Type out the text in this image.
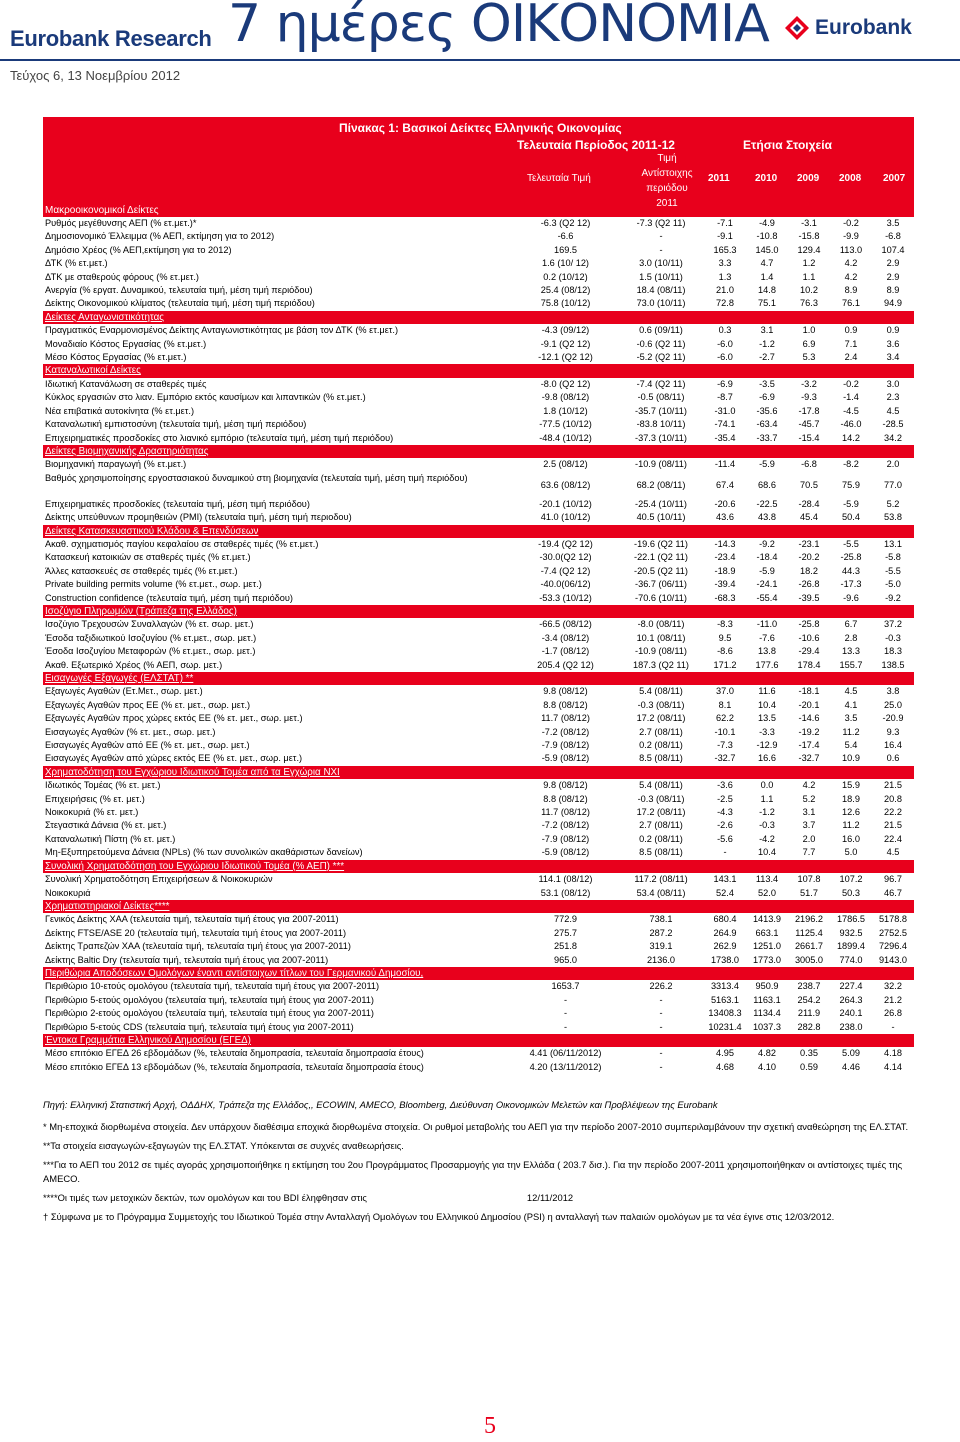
Eurobank Research 7 ημέρες ΟΙΚΟΝΟΜΙΑ
Τεύχος 6, 13 Νοεμβρίου 2012
Eurobank
Πίνακας 1: Βασικοί Δείκτες Ελληνικής Οικονομίας
Τελευταία Περίοδος 2011-12	Ετήσια Στοιχεία
Τελευταία Τιμή
Τιμή Αντίστοιχης περιόδου 2011
2011	2010 2009 2008 2007
Μακροοικονομικοί Δείκτες
Ρυθμός μεγέθυνσης ΑΕΠ (% ετ.μετ.)*	-6.3 (Q2 12)	-7.3 (Q2 11)	-7.1	-4.9	-3.1	-0.2	3.5
Δημοσιονομικό Έλλειμμα (% ΑΕΠ, εκτίμηση για το 2012)	-6.6	-	-9.1	-10.8	-15.8	-9.9	-6.8
Δημόσιο Χρέος (% ΑΕΠ,εκτίμηση για το 2012)	169.5	-	165.3	145.0	129.4	113.0	107.4
ΔΤΚ (% ετ.μετ.)	1.6 (10/ 12)	3.0 (10/11)	3.3	4.7	1.2	4.2	2.9
ΔΤΚ με σταθερούς φόρους (% ετ.μετ.)	0.2 (10/12)	1.5 (10/11)	1.3	1.4	1.1	4.2	2.9
Ανεργία (% εργατ. Δυναμικού, τελευταία τιμή, μέση τιμή περιόδου)	25.4 (08/12)	18.4 (08/11)	21.0	14.8	10.2	8.9	8.9
Δείκτης Οικονομικού κλίματος (τελευταία τιμή, μέση τιμή περιόδου)	75.8 (10/12)	73.0 (10/11)	72.8	75.1	76.3	76.1	94.9
Δείκτες Ανταγωνιστικότητας							
Πραγματικός Εναρμονισμένος Δείκτης Ανταγωνιστικότητας με βάση τον ΔΤΚ (% ετ.μετ.)	-4.3 (09/12)	0.6 (09/11)	0.3	3.1	1.0	0.9	0.9
Μοναδιαίο Κόστος Εργασίας (% ετ.μετ.)	-9.1 (Q2 12)	-0.6 (Q2 11)	-6.0	-1.2	6.9	7.1	3.6
Μέσο Κόστος Εργασίας (% ετ.μετ.)	-12.1 (Q2 12)	-5.2 (Q2 11)	-6.0	-2.7	5.3	2.4	3.4
Καταναλωτικοί Δείκτες							
Ιδιωτική Κατανάλωση σε σταθερές τιμές	-8.0 (Q2 12)	-7.4 (Q2 11)	-6.9	-3.5	-3.2	-0.2	3.0
Κύκλος εργασιών στο λιαν. Εμπόριο εκτός καυσίμων και λιπαντικών (% ετ.μετ.)	-9.8 (08/12)	-0.5 (08/11)	-8.7	-6.9	-9.3	-1.4	2.3
Νέα επιβατικά αυτοκίνητα (% ετ.μετ.)	1.8 (10/12)	-35.7 (10/11)	-31.0	-35.6	-17.8	-4.5	4.5
Καταναλωτική εμπιστοσύνη (τελευταία τιμή, μέση τιμή περιόδου)	-77.5 (10/12)	-83.8 10/11)	-74.1	-63.4	-45.7	-46.0	-28.5
Επιχειρηματικές προσδοκίες στο λιανικό εμπόριο (τελευταία τιμή, μέση τιμή περιόδου)	-48.4 (10/12)	-37.3 (10/11)	-35.4	-33.7	-15.4	14.2	34.2
Δείκτες Βιομηχανικής Δραστηριότητας							
Βιομηχανική παραγωγή (% ετ.μετ.)	2.5 (08/12)	-10.9 (08/11)	-11.4	-5.9	-6.8	-8.2	2.0
Βαθμός χρησιμοποίησης εργοστασιακού δυναμικού στη βιομηχανία (τελευταία τιμή, μέση τιμή περιόδου)	63.6 (08/12)	68.2 (08/11)	67.4	68.6	70.5	75.9	77.0
Επιχειρηματικές προσδοκίες (τελευταία τιμή, μέση τιμή περιόδου)	-20.1 (10/12)	-25.4 (10/11)	-20.6	-22.5	-28.4	-5.9	5.2
Δείκτης υπεύθυνων προμηθειών (PMI) (τελευταία τιμή, μέση τιμή περιοδου)	41.0 (10/12)	40.5 (10/11)	43.6	43.8	45.4	50.4	53.8
Δείκτες Κατασκευαστικού Κλάδου & Επενδύσεων							
Ακαθ. σχηματισμός παγίου κεφαλαίου σε σταθερές τιμές (% ετ.μετ.)	-19.4 (Q2 12)	-19.6 (Q2 11)	-14.3	-9.2	-23.1	-5.5	13.1
Κατασκευή κατοικιών σε σταθερές τιμές (% ετ.μετ.)	-30.0(Q2 12)	-22.1 (Q2 11)	-23.4	-18.4	-20.2	-25.8	-5.8
Άλλες κατασκευές σε σταθερές τιμές (% ετ.μετ.)	-7.4 (Q2 12)	-20.5 (Q2 11)	-18.9	-5.9	18.2	44.3	-5.5
Private building permits volume (% ετ.μετ., σωρ. μετ.)	-40.0(06/12)	-36.7 (06/11)	-39.4	-24.1	-26.8	-17.3	-5.0
Construction confidence (τελευταία τιμή, μέση τιμή περιόδου)	-53.3 (10/12)	-70.6 (10/11)	-68.3	-55.4	-39.5	-9.6	-9.2
Ισοζύγιο Πληρωμών (Τράπεζα της Ελλάδος)							
Ισοζύγιο Τρεχουσών Συναλλαγών (% ετ. σωρ. μετ.)	-66.5 (08/12)	-8.0 (08/11)	-8.3	-11.0	-25.8	6.7	37.2
Έσοδα ταξιδιωτικού Ισοζυγίου (% ετ.μετ., σωρ. μετ.)	-3.4 (08/12)	10.1 (08/11)	9.5	-7.6	-10.6	2.8	-0.3
Έσοδα Ισοζυγίου Μεταφορών (% ετ.μετ., σωρ. μετ.)	-1.7 (08/12)	-10.9 (08/11)	-8.6	13.8	-29.4	13.3	18.3
Ακαθ. Εξωτερικό Χρέος (% ΑΕΠ, σωρ. μετ.)	205.4 (Q2 12)	187.3 (Q2 11)	171.2	177.6	178.4	155.7	138.5
Εισαγωγές Εξαγωγές (ΕΛΣΤΑΤ) **							
Εξαγωγές Αγαθών (Ετ.Μετ., σωρ. μετ.)	9.8 (08/12)	5.4 (08/11)	37.0	11.6	-18.1	4.5	3.8
Εξαγωγές Αγαθών προς ΕΕ (% ετ. μετ., σωρ. μετ.)	8.8 (08/12)	-0.3 (08/11)	8.1	10.4	-20.1	4.1	25.0
Εξαγωγές Αγαθών προς χώρες εκτός ΕΕ (% ετ. μετ., σωρ. μετ.)	11.7 (08/12)	17.2 (08/11)	62.2	13.5	-14.6	3.5	-20.9
Εισαγωγές Αγαθών (% ετ. μετ., σωρ. μετ.)	-7.2 (08/12)	2.7 (08/11)	-10.1	-3.3	-19.2	11.2	9.3
Εισαγωγές Αγαθών από ΕΕ (% ετ. μετ., σωρ. μετ.)	-7.9 (08/12)	0.2 (08/11)	-7.3	-12.9	-17.4	5.4	16.4
Εισαγωγές Αγαθών από χώρες εκτός ΕΕ (% ετ. μετ., σωρ. μετ.)	-5.9 (08/12)	8.5 (08/11)	-32.7	16.6	-32.7	10.9	0.6
Χρηματοδότηση του Εγχώριου Ιδιωτικού Τομέα από τα Εγχώρια ΝΧΙ							
Ιδιωτικός Τομέας (% ετ. μετ.)	9.8 (08/12)	5.4 (08/11)	-3.6	0.0	4.2	15.9	21.5
Επιχειρήσεις (% ετ. μετ.)	8.8 (08/12)	-0.3 (08/11)	-2.5	1.1	5.2	18.9	20.8
Νοικοκυριά (% ετ. μετ.)	11.7 (08/12)	17.2 (08/11)	-4.3	-1.2	3.1	12.6	22.2
Στεγαστικά Δάνεια (% ετ. μετ.)	-7.2 (08/12)	2.7 (08/11)	-2.6	-0.3	3.7	11.2	21.5
Καταναλωτική Πίστη (% ετ. μετ.)	-7.9 (08/12)	0.2 (08/11)	-5.6	-4.2	2.0	16.0	22.4
Μη-Εξυπηρετούμενα Δάνεια (NPLs) (% των συνολικών ακαθάριστων δανείων)	-5.9 (08/12)	8.5 (08/11)	-	10.4	7.7	5.0	4.5
Συνολική Χρηματοδότηση του Εγχώριου Ιδιωτικού Τομέα (% ΑΕΠ) ***							
Συνολική Χρηματοδότηση Επιχειρήσεων & Νοικοκυριών	114.1 (08/12)	117.2 (08/11)	143.1	113.4	107.8	107.2	96.7
Νοικοκυριά	53.1 (08/12)	53.4 (08/11)	52.4	52.0	51.7	50.3	46.7
Χρηματιστηριακοί Δείκτες****							
Γενικός Δείκτης ΧΑΑ (τελευταία τιμή, τελευταία τιμή έτους για 2007-2011)	772.9	738.1	680.4	1413.9	2196.2	1786.5	5178.8
Δείκτης FTSE/ASE 20 (τελευταία τιμή, τελευταία τιμή έτους για 2007-2011)	275.7	287.2	264.9	663.1	1125.4	932.5	2752.5
Δείκτης Τραπεζών ΧΑΑ (τελευταία τιμή, τελευταία τιμή έτους για 2007-2011)	251.8	319.1	262.9	1251.0	2661.7	1899.4	7296.4
Δείκτης Baltic Dry (τελευταία τιμή, τελευταία τιμή έτους για 2007-2011)	965.0	2136.0	1738.0	1773.0	3005.0	774.0	9143.0
Περιθώρια Αποδόσεων Ομολόγων έναντι αντίστοιχων τίτλων του Γερμανικού Δημοσίου,							
Περιθώριο 10-ετούς ομολόγου (τελευταία τιμή, τελευταία τιμή έτους για 2007-2011)	1653.7	226.2	3313.4	950.9	238.7	227.4	32.2
Περιθώριο 5-ετούς ομολόγου (τελευταία τιμή, τελευταία τιμή έτους για 2007-2011)	-	-	5163.1	1163.1	254.2	264.3	21.2
Περιθώριο 2-ετούς ομολόγου (τελευταία τιμή, τελευταία τιμή έτους για 2007-2011)	-	-	13408.3	1134.4	211.9	240.1	26.8
Περιθώριο 5-ετούς CDS (τελευταία τιμή, τελευταία τιμή έτους για 2007-2011)	-	-	10231.4	1037.3	282.8	238.0	-
Έντοκα Γραμμάτια Ελληνικού Δημοσίου (ΕΓΕΔ)							
Μέσο επιτόκιο ΕΓΕΔ 26 εβδομάδων (%, τελευταία δημοπρασία, τελευταία δημοπρασία έτους)	4.41 (06/11/2012)	-	4.95	4.82	0.35	5.09	4.18
Μέσο επιτόκιο ΕΓΕΔ 13 εβδομάδων (%, τελευταία δημοπρασία, τελευταία δημοπρασία έτους)	4.20 (13/11/2012)	-	4.68	4.10	0.59	4.46	4.14

Πηγή: Ελληνική Στατιστική Αρχή, ΟΔΔΗΧ, Τράπεζα της Ελλάδος,, ECOWIN, AMECO, Bloomberg, Διεύθυνση Οικονομικών Μελετών και Προβλέψεων της Eurobank

* Μη-εποχικά διορθωμένα στοιχεία. Δεν υπάρχουν διαθέσιμα εποχικά διορθωμένα στοιχεία. Οι ρυθμοί μεταβολής του ΑΕΠ για την περίοδο 2007-2010 συμπεριλαμβάνουν την σχετική αναθεώρηση της ΕΛ.ΣΤΑΤ.

**Τα στοιχεία εισαγωγών-εξαγωγών της ΕΛ.ΣΤΑΤ. Υπόκεινται σε συχνές αναθεωρήσεις.

***Για το ΑΕΠ του 2012 σε τιμές αγοράς χρησιμοποιήθηκε η εκτίμηση του 2ου Προγράμματος Προσαρμογής για την Ελλάδα ( 203.7 δισ.). Για την περίοδο 2007-2011 χρησιμοποιήθηκαν οι αντίστοιχες τιμές της AMECO.

****Οι τιμές των μετοχικών δεκτών, των ομολόγων και του BDI έληφθησαν στις	12/11/2012

† Σύμφωνα με το Πρόγραμμα Συμμετοχής του Ιδιωτικού Τομέα στην Ανταλλαγή Ομολόγων του Ελληνικού Δημοσίου (PSI) η ανταλλαγή των παλαιών ομολόγων με τα νέα έγινε στις 12/03/2012.

5
